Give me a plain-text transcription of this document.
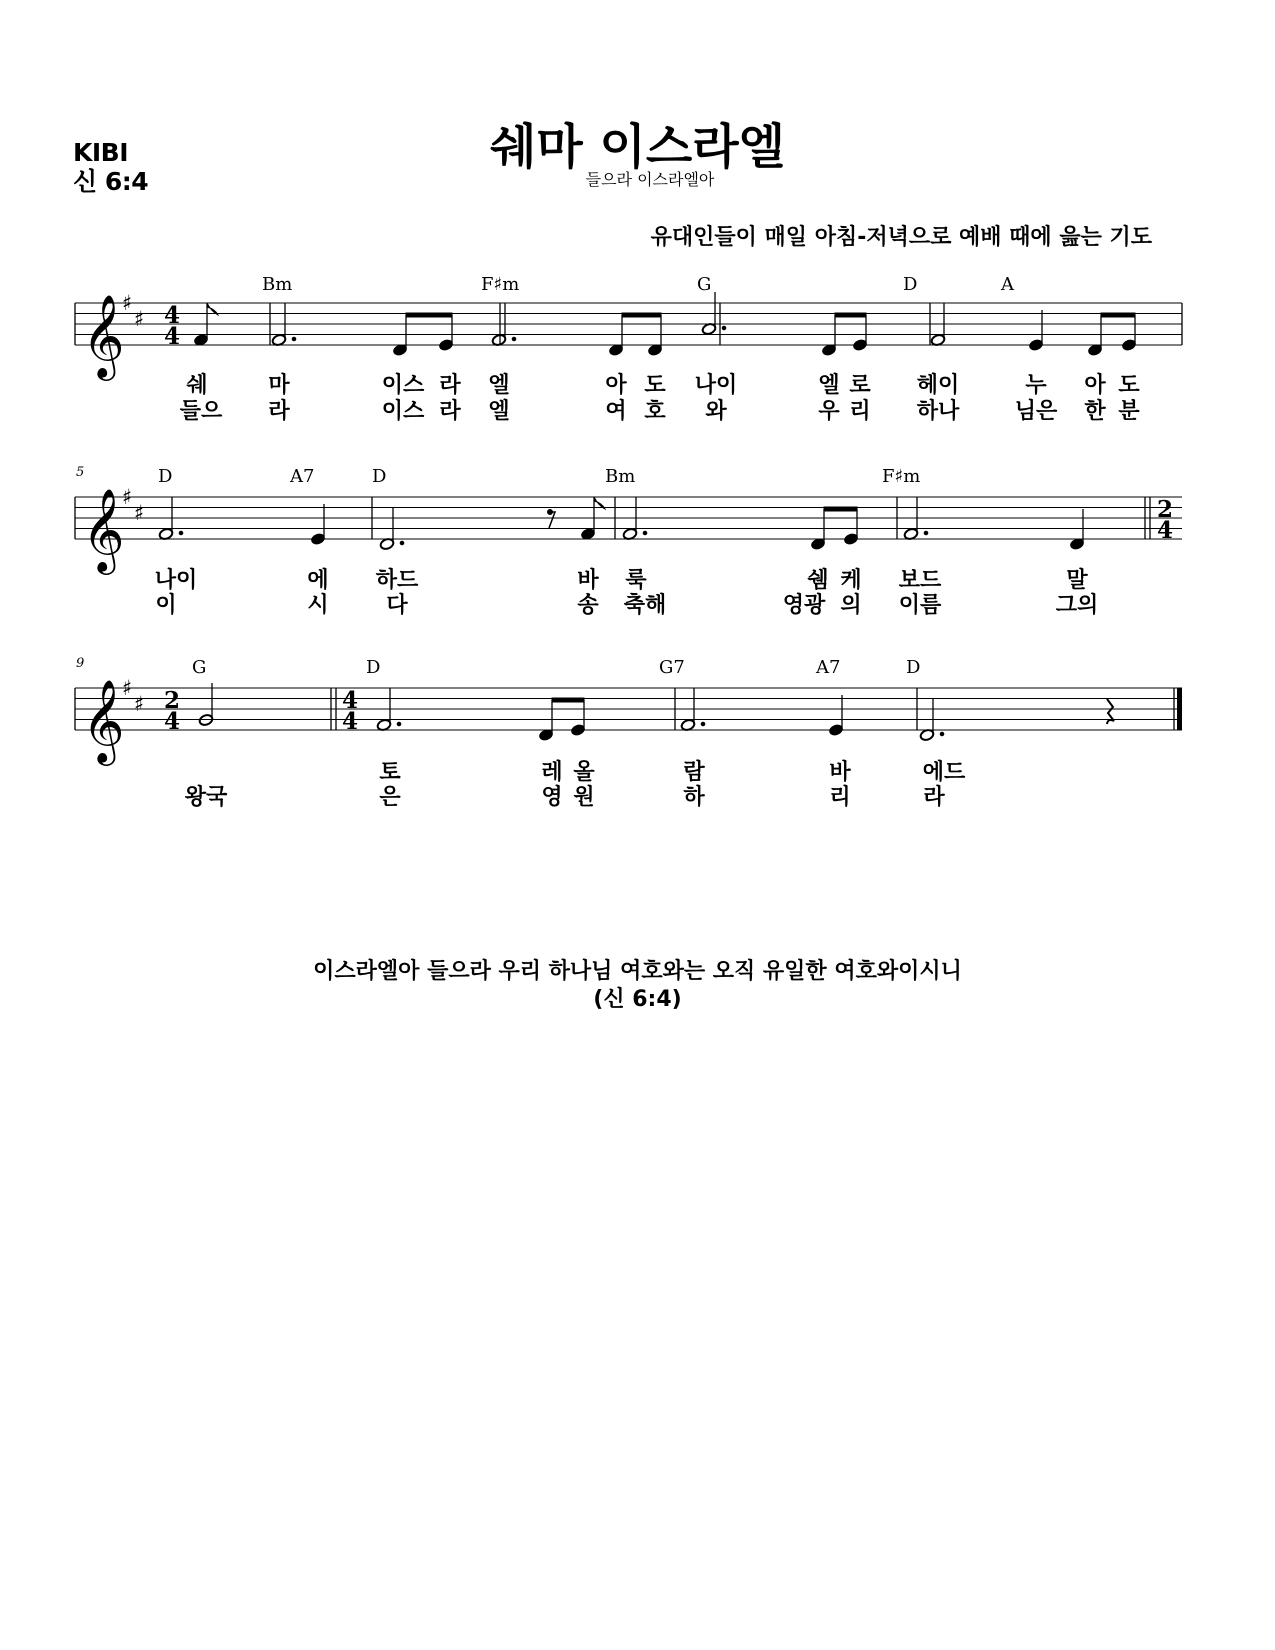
KIBI
신 6:4
쉐마 이스라엘
들으라 이스라엘아
유대인들이 매일 아침-저녁으로 예배 때에 읊는 기도
𝄞
𝄞
𝄞
♯
♯
♯
♯
♯
♯
4
4
2
4
2
4
4
4
5
9
Bm	F♯m	G	D	A
D	A7	D	Bm	F♯m
G	D	G7	A7	D
쉐	마	이스 라 엘	아 도 나이	엘 로 헤이	누 아 도
들으 라	이스 라 엘	여 호 와	우 리 하나	님은 한 분
나이	에 하드	바 룩	쉠 케 보드	말
이	시	다	송 축해	영광 의 이름	그의
토	레 올	람	바	에드
왕국	은	영 원	하	리	라
이스라엘아 들으라 우리 하나님 여호와는 오직 유일한 여호와이시니
(신 6:4)
